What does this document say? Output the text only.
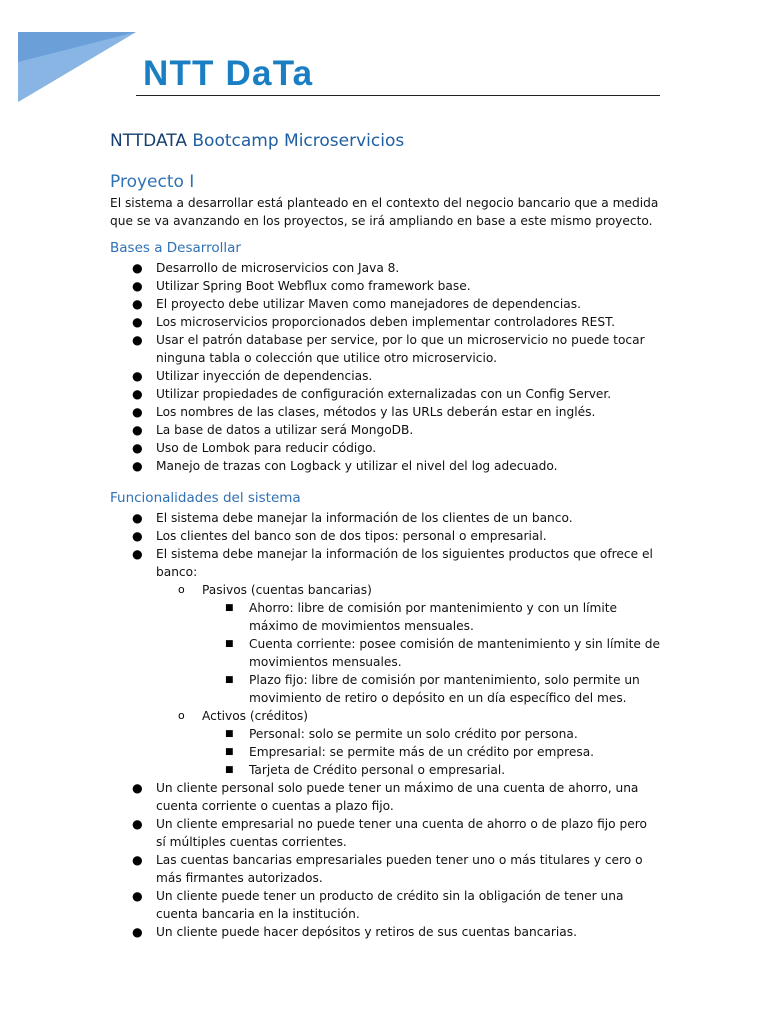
NTT DaTa
NTTDATA Bootcamp Microservicios
Proyecto I

El sistema a desarrollar está planteado en el contexto del negocio bancario que a medida que se va avanzando en los proyectos, se irá ampliando en base a este mismo proyecto.

Bases a Desarrollar
● Desarrollo de microservicios con Java 8.
● Utilizar Spring Boot Webflux como framework base.
● El proyecto debe utilizar Maven como manejadores de dependencias.
● Los microservicios proporcionados deben implementar controladores REST.
● Usar el patrón database per service, por lo que un microservicio no puede tocar ninguna tabla o colección que utilice otro microservicio.
● Utilizar inyección de dependencias.
● Utilizar propiedades de configuración externalizadas con un Config Server.
● Los nombres de las clases, métodos y las URLs deberán estar en inglés.
● La base de datos a utilizar será MongoDB.
● Uso de Lombok para reducir código.
● Manejo de trazas con Logback y utilizar el nivel del log adecuado.
Funcionalidades del sistema
● El sistema debe manejar la información de los clientes de un banco.
● Los clientes del banco son de dos tipos: personal o empresarial.
● El sistema debe manejar la información de los siguientes productos que ofrece el banco:
o Pasivos (cuentas bancarias)
■ Ahorro: libre de comisión por mantenimiento y con un límite máximo de movimientos mensuales.
■ Cuenta corriente: posee comisión de mantenimiento y sin límite de movimientos mensuales.
■ Plazo fijo: libre de comisión por mantenimiento, solo permite un movimiento de retiro o depósito en un día específico del mes.
o Activos (créditos)
■ Personal: solo se permite un solo crédito por persona.
■ Empresarial: se permite más de un crédito por empresa.
■ Tarjeta de Crédito personal o empresarial.
● Un cliente personal solo puede tener un máximo de una cuenta de ahorro, una cuenta corriente o cuentas a plazo fijo.
● Un cliente empresarial no puede tener una cuenta de ahorro o de plazo fijo pero sí múltiples cuentas corrientes.
● Las cuentas bancarias empresariales pueden tener uno o más titulares y cero o más firmantes autorizados.
● Un cliente puede tener un producto de crédito sin la obligación de tener una cuenta bancaria en la institución.
● Un cliente puede hacer depósitos y retiros de sus cuentas bancarias.
